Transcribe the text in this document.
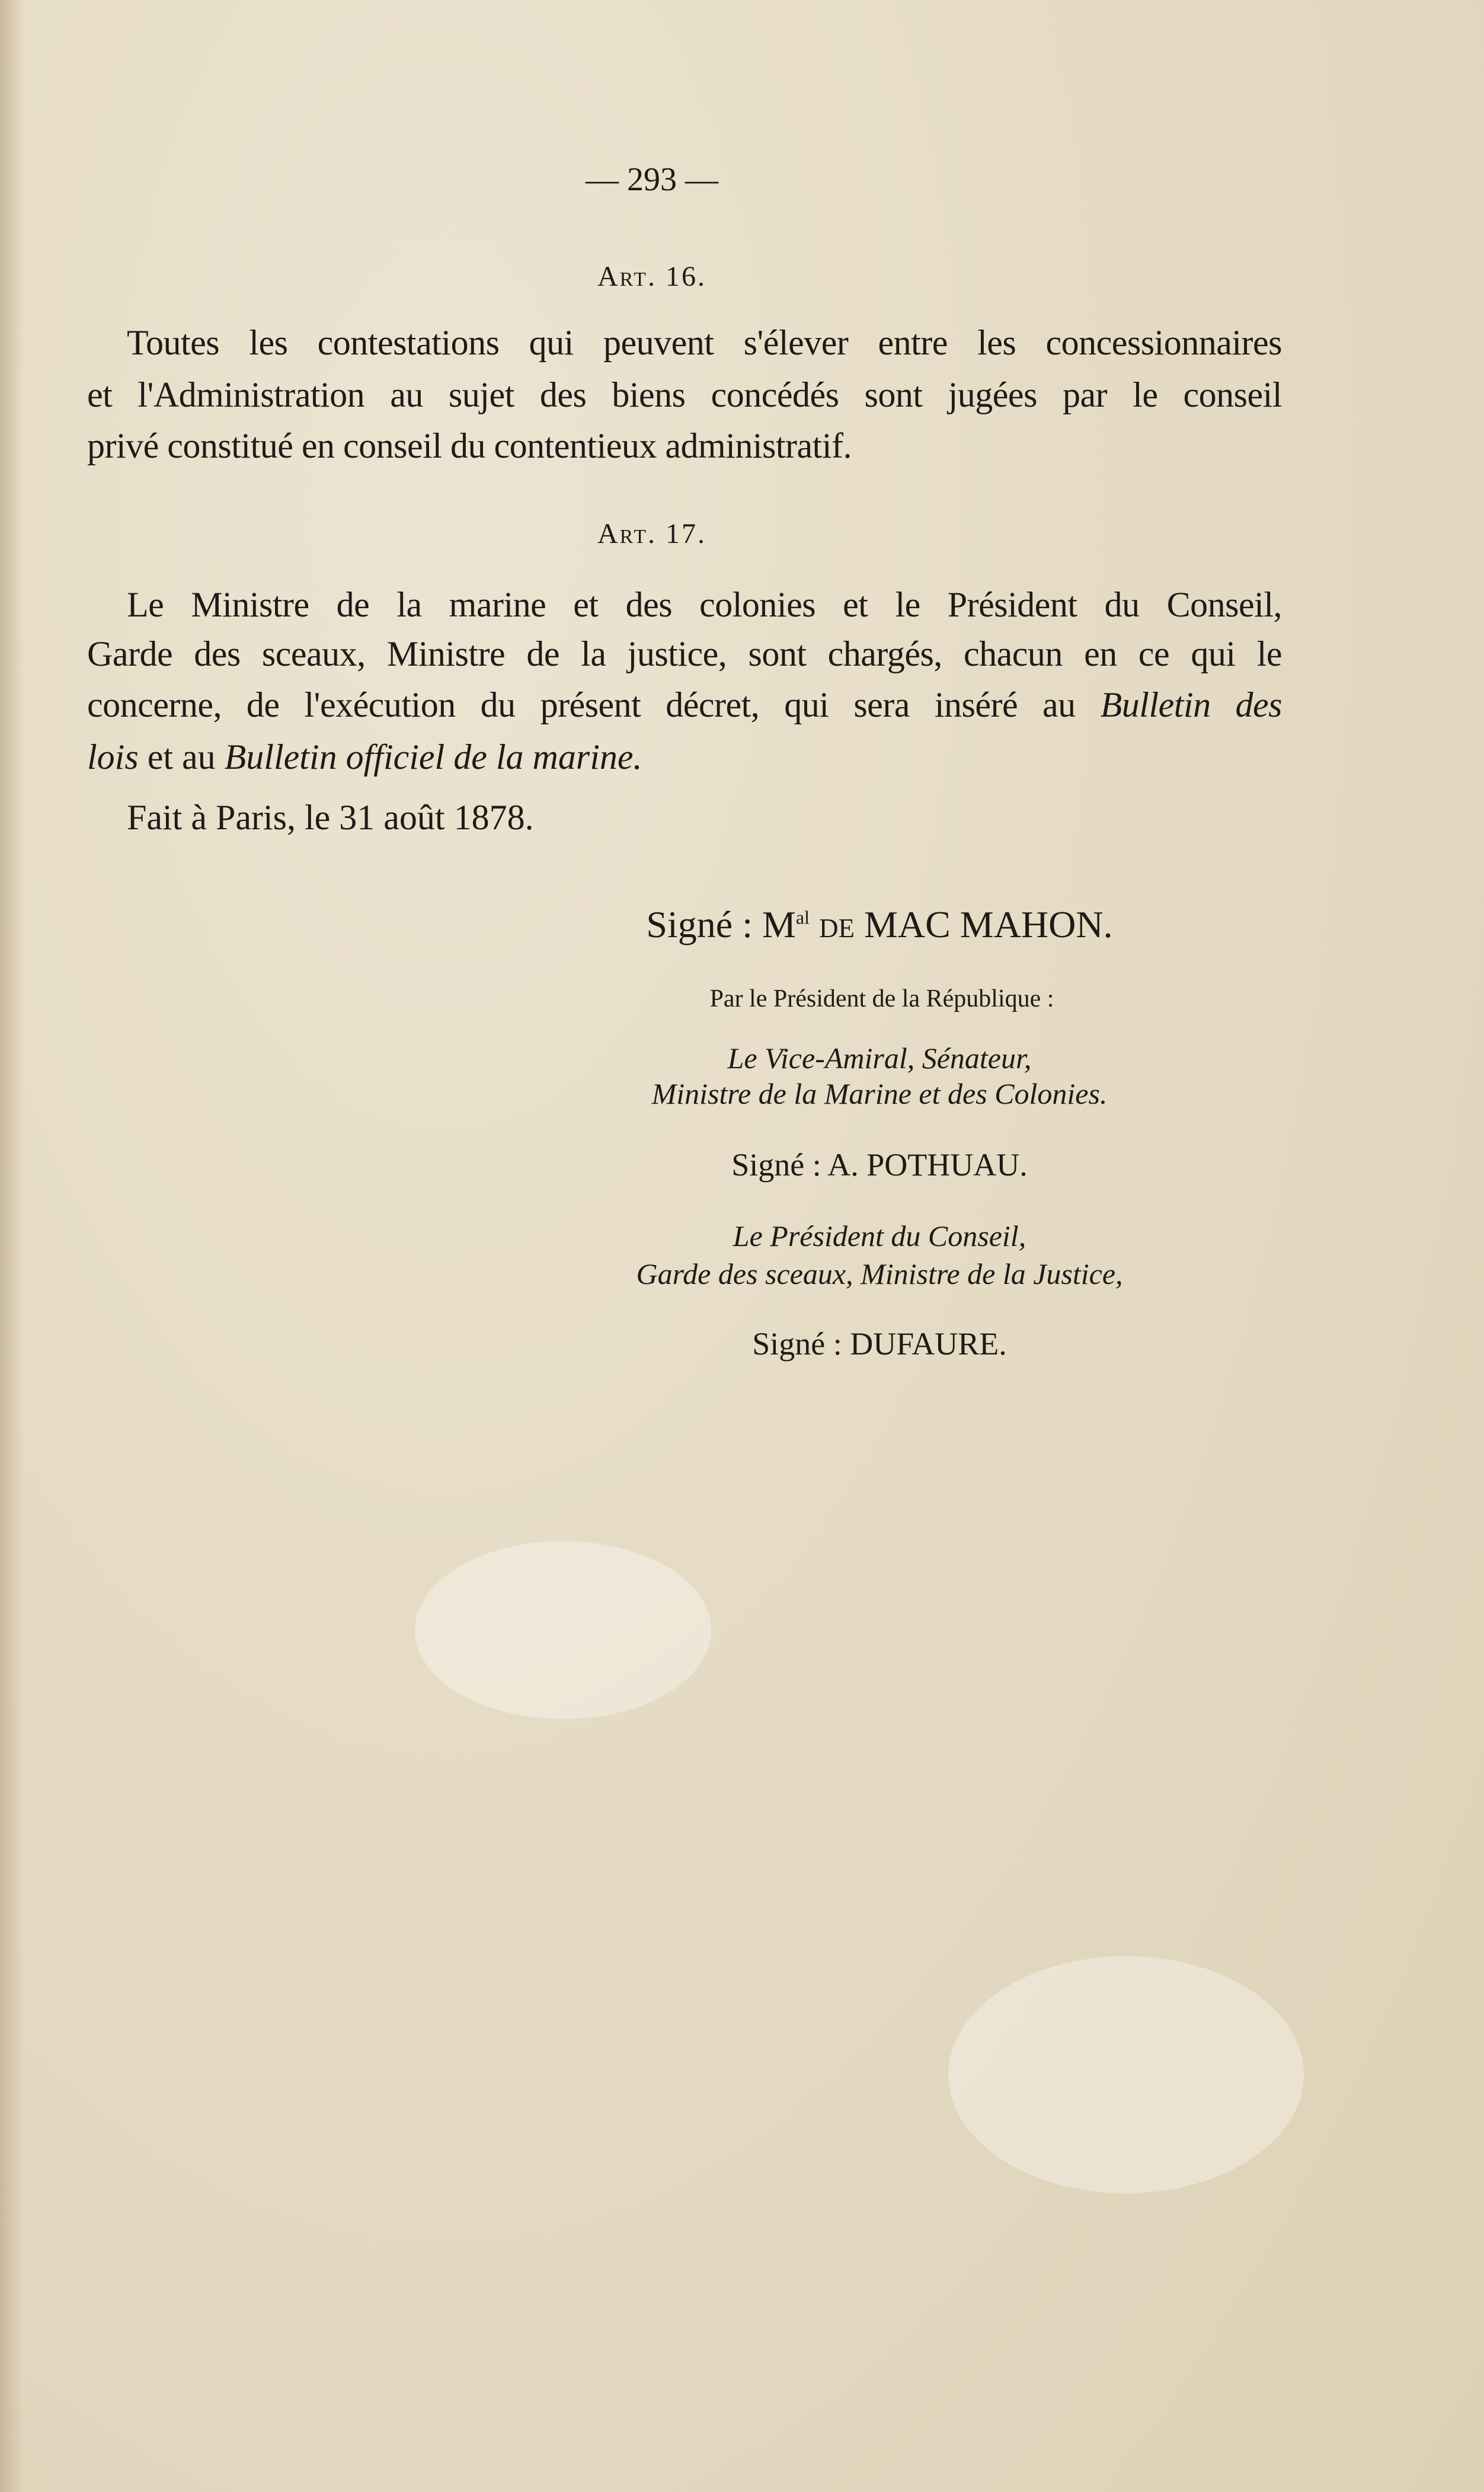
— 293 —
Art. 16.
Toutes les contestations qui peuvent s'élever entre les concessionnaires
et l'Administration au sujet des biens concédés sont jugées par le conseil
privé constitué en conseil du contentieux administratif.
Art. 17.
Le Ministre de la marine et des colonies et le Président du Conseil,
Garde des sceaux, Ministre de la justice, sont chargés, chacun en ce qui le
concerne, de l'exécution du présent décret, qui sera inséré au Bulletin des
lois et au Bulletin officiel de la marine.
Fait à Paris, le 31 août 1878.
Signé : $M^{al}$ de MAC MAHON.
Par le Président de la République :
Le Vice-Amiral, Sénateur,
Ministre de la Marine et des Colonies.
Signé : A. POTHUAU.
Le Président du Conseil,
Garde des sceaux, Ministre de la Justice,
Signé : DUFAURE.
